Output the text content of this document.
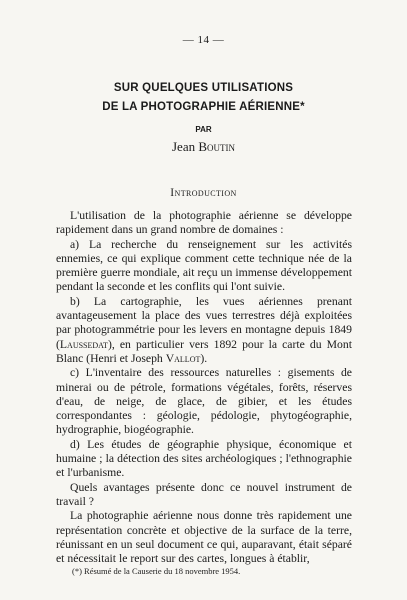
— 14 —
SUR QUELQUES UTILISATIONS
DE LA PHOTOGRAPHIE AÉRIENNE*
PAR
Jean Boutin
Introduction

L'utilisation de la photographie aérienne se développe rapidement dans un grand nombre de domaines :

a) La recherche du renseignement sur les activités ennemies, ce qui explique comment cette technique née de la première guerre mondiale, ait reçu un immense développement pendant la seconde et les conflits qui l'ont suivie.

b) La cartographie, les vues aériennes prenant avantageusement la place des vues terrestres déjà exploitées par photogrammétrie pour les levers en montagne depuis 1849 (Laussedat), en particulier vers 1892 pour la carte du Mont Blanc (Henri et Joseph Vallot).

c) L'inventaire des ressources naturelles : gisements de minerai ou de pétrole, formations végétales, forêts, réserves d'eau, de neige, de glace, de gibier, et les études correspondantes : géologie, pédologie, phytogéographie, hydrographie, biogéographie.

d) Les études de géographie physique, économique et humaine ; la détection des sites archéologiques ; l'ethnographie et l'urbanisme.

Quels avantages présente donc ce nouvel instrument de travail ?

La photographie aérienne nous donne très rapidement une représentation concrète et objective de la surface de la terre, réunissant en un seul document ce qui, auparavant, était séparé et nécessitait le report sur des cartes, longues à établir,

(*) Résumé de la Causerie du 18 novembre 1954.
